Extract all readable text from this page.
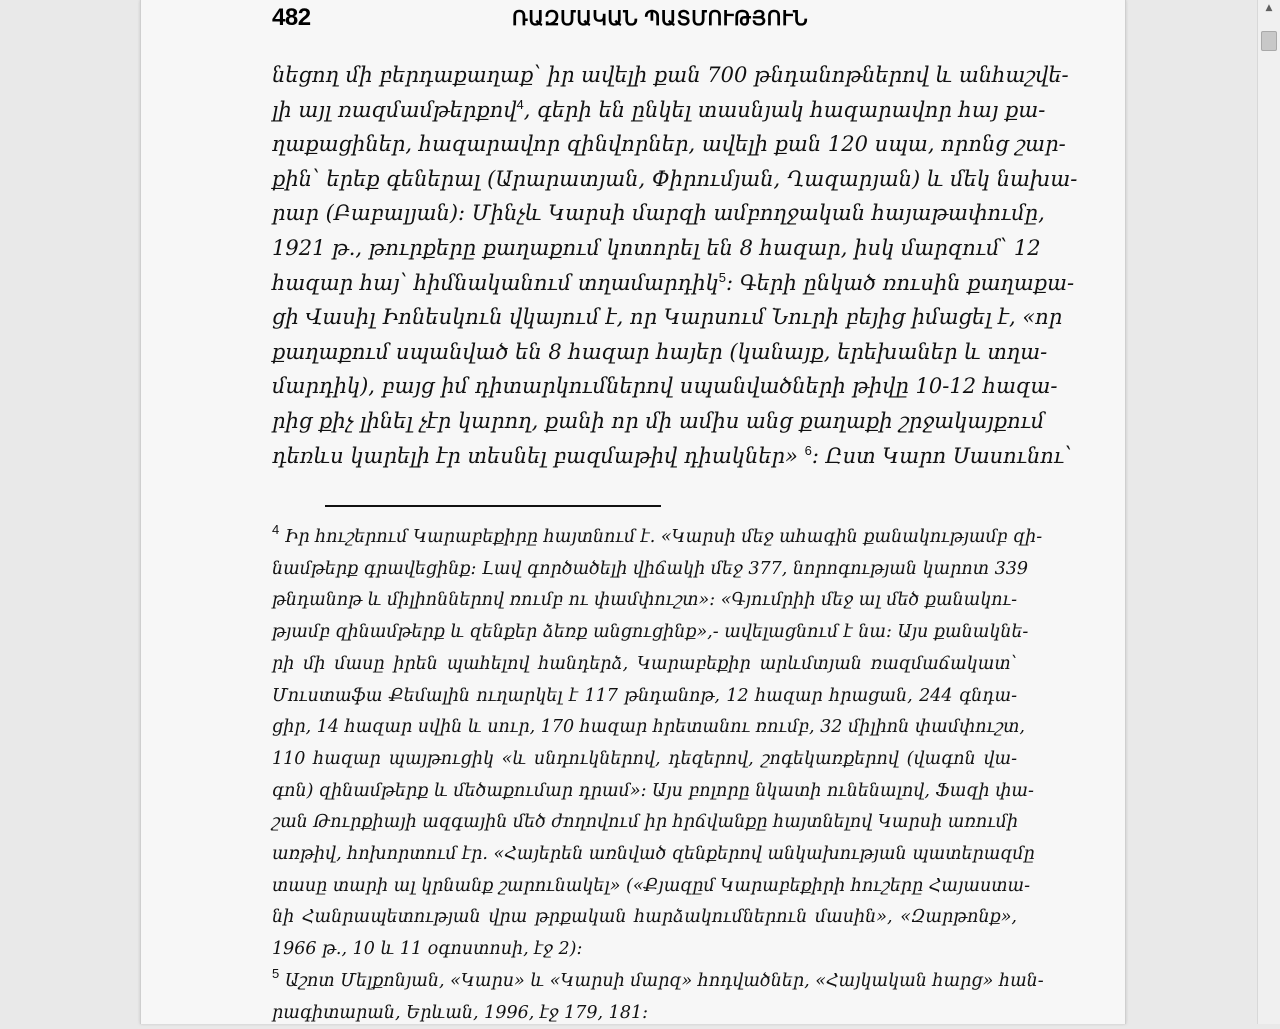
482	ՌԱԶՄԱԿԱՆ ՊԱՏՄՈՒԹՅՈՒՆ
նեցող մի բերդաքաղաք՝ իր ավելի քան 700 թնդանոթներով և անհաշվե-
լի այլ ռազմամթերքով$^4$, գերի են ընկել տասնյակ հազարավոր հայ քա-
ղաքացիներ, հազարավոր զինվորներ, ավելի քան 120 սպա, որոնց շար-
քին՝ երեք գեներալ (Արարատյան, Փիրումյան, Ղազարյան) և մեկ նախա-
րար (Բաբալյան): Մինչև Կարսի մարզի ամբողջական հայաթափումը,
1921 թ., թուրքերը քաղաքում կոտորել են 8 հազար, իսկ մարզում՝ 12
հազար հայ՝ հիմնականում տղամարդիկ$^5$: Գերի ընկած ռուսին քաղաքա-
ցի Վասիլ Իոնեսկուն վկայում է, որ Կարսում Նուրի բեյից իմացել է, «որ
քաղաքում սպանված են 8 հազար հայեր (կանայք, երեխաներ և տղա-
մարդիկ), բայց իմ դիտարկումներով սպանվածների թիվը 10-12 հազա-
րից քիչ լինել չէր կարող, քանի որ մի ամիս անց քաղաքի շրջակայքում
դեռևս կարելի էր տեսնել բազմաթիվ դիակներ» $^6$: Ըստ Կարո Սասունու՝
$^4$ Իր հուշերում Կարաբեքիրը հայտնում է. «Կարսի մեջ ահագին քանակությամբ զի-
նամթերք գրավեցինք: Լավ գործածելի վիճակի մեջ 377, նորոգության կարոտ 339
թնդանոթ և միլիոններով ռումբ ու փամփուշտ»: «Գյումրիի մեջ ալ մեծ քանակու-
թյամբ զինամթերք և զենքեր ձեռք անցուցինք»,- ավելացնում է նա: Այս քանակնե-
րի մի մասը իրեն պահելով հանդերձ, Կարաբեքիր արևմտյան ռազմաճակատ՝
Մուստաֆա Քեմալին ուղարկել է 117 թնդանոթ, 12 հազար հրացան, 244 գնդա-
ցիր, 14 հազար սվին և սուր, 170 հազար հրետանու ռումբ, 32 միլիոն փամփուշտ,
110 հազար պայթուցիկ «և սնդուկներով, դեզերով, շոգեկառքերով (վագոն վա-
գոն) զինամթերք և մեծաքումար դրամ»: Այս բոլորը նկատի ունենալով, Ֆազի փա-
շան Թուրքիայի ազգային մեծ ժողովում իր հրճվանքը հայտնելով Կարսի առումի
առթիվ, հոխորտում էր. «Հայերեն առնված զենքերով անկախության պատերազմը
տասը տարի ալ կրնանք շարունակել» («Քյազըմ Կարաբեքիրի հուշերը Հայաստա-
նի Հանրապետության վրա թրքական հարձակումներուն մասին», «Զարթոնք»,
1966 թ., 10 և 11 օգոստոսի, էջ 2):
$^5$ Աշոտ Մելքոնյան, «Կարս» և «Կարսի մարզ» հոդվածներ, «Հայկական հարց» հան-
րագիտարան, Երևան, 1996, էջ 179, 181:
▲
